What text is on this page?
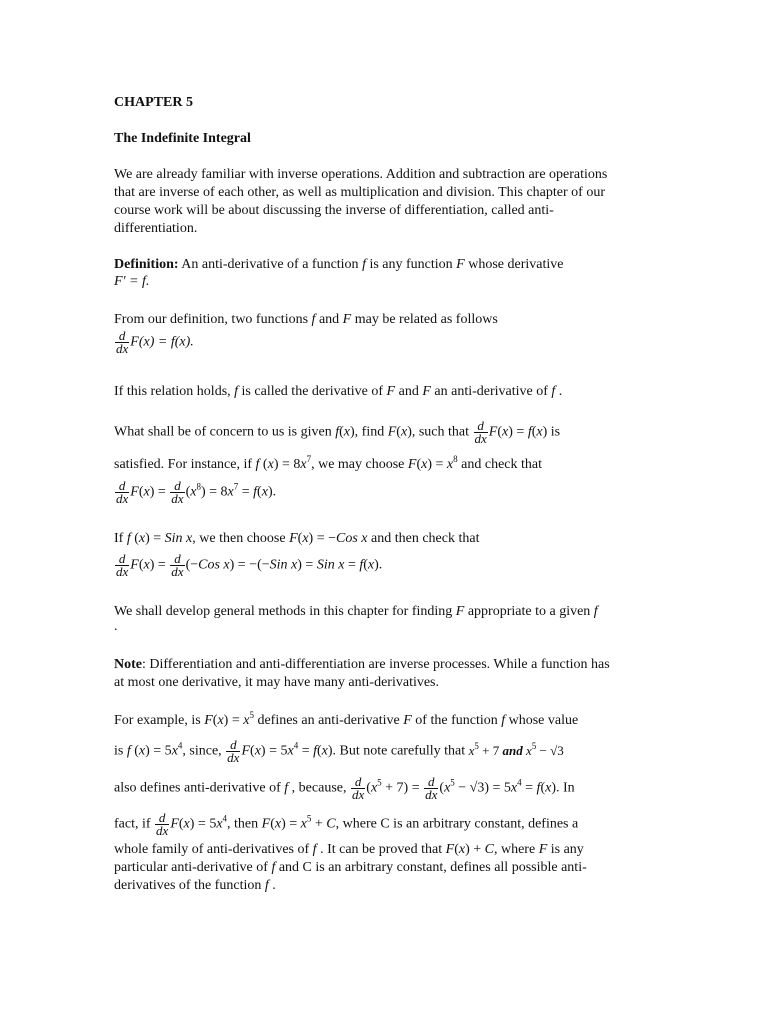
CHAPTER 5
The Indefinite Integral

We are already familiar with inverse operations. Addition and subtraction are operations

that are inverse of each other, as well as multiplication and division. This chapter of our

course work will be about discussing the inverse of differentiation, called anti-

differentiation.

Definition: An anti-derivative of a function f is any function F whose derivative
F′ = f.
From our definition, two functions f and F may be related as follows
$\frac{d}{dx} F(x) = f(x)$.
If this relation holds, f is called the derivative of F and F an anti-derivative of f .
What shall be of concern to us is given f(x), find F(x), such that $\frac{d}{dx} F(x) = f(x)$ is
satisfied. For instance, if f $(x) = 8x^7$, we may choose $F(x) = x^8$ and check that
$\frac{d}{dx} F(x) = \frac{d}{dx} (x^8) = 8x^7 = f(x)$.
If f (x) = Sin x, we then choose F(x) = −Cos x and then check that
$\frac{d}{dx} F(x) = \frac{d}{dx} (-Cos$ x) = −(−Sin x) = Sin x = f(x).
We shall develop general methods in this chapter for finding F appropriate to a given f
.
Note: Differentiation and anti-differentiation are inverse processes. While a function has
at most one derivative, it may have many anti-derivatives.
For example, is $F(x) = x^5$ defines an anti-derivative F of the function f whose value
is f $(x) = 5x^4$, since, $\frac{d}{dx} F(x) = 5x^4 = f(x)$. But note carefully that $x^5 + 7$ and $x^5 - √3$
also defines anti-derivative of f , because, $\frac{d}{dx} (x^5 + 7) = \frac{d}{dx} (x^5 - √3) = 5x^4 = f(x)$. In
fact, if $\frac{d}{dx} F(x) = 5x^4$, then $F(x) = x^5 + C$, where C is an arbitrary constant, defines a
whole family of anti-derivatives of f . It can be proved that F(x) + C, where F is any
particular anti-derivative of f and C is an arbitrary constant, defines all possible anti-
derivatives of the function f .
